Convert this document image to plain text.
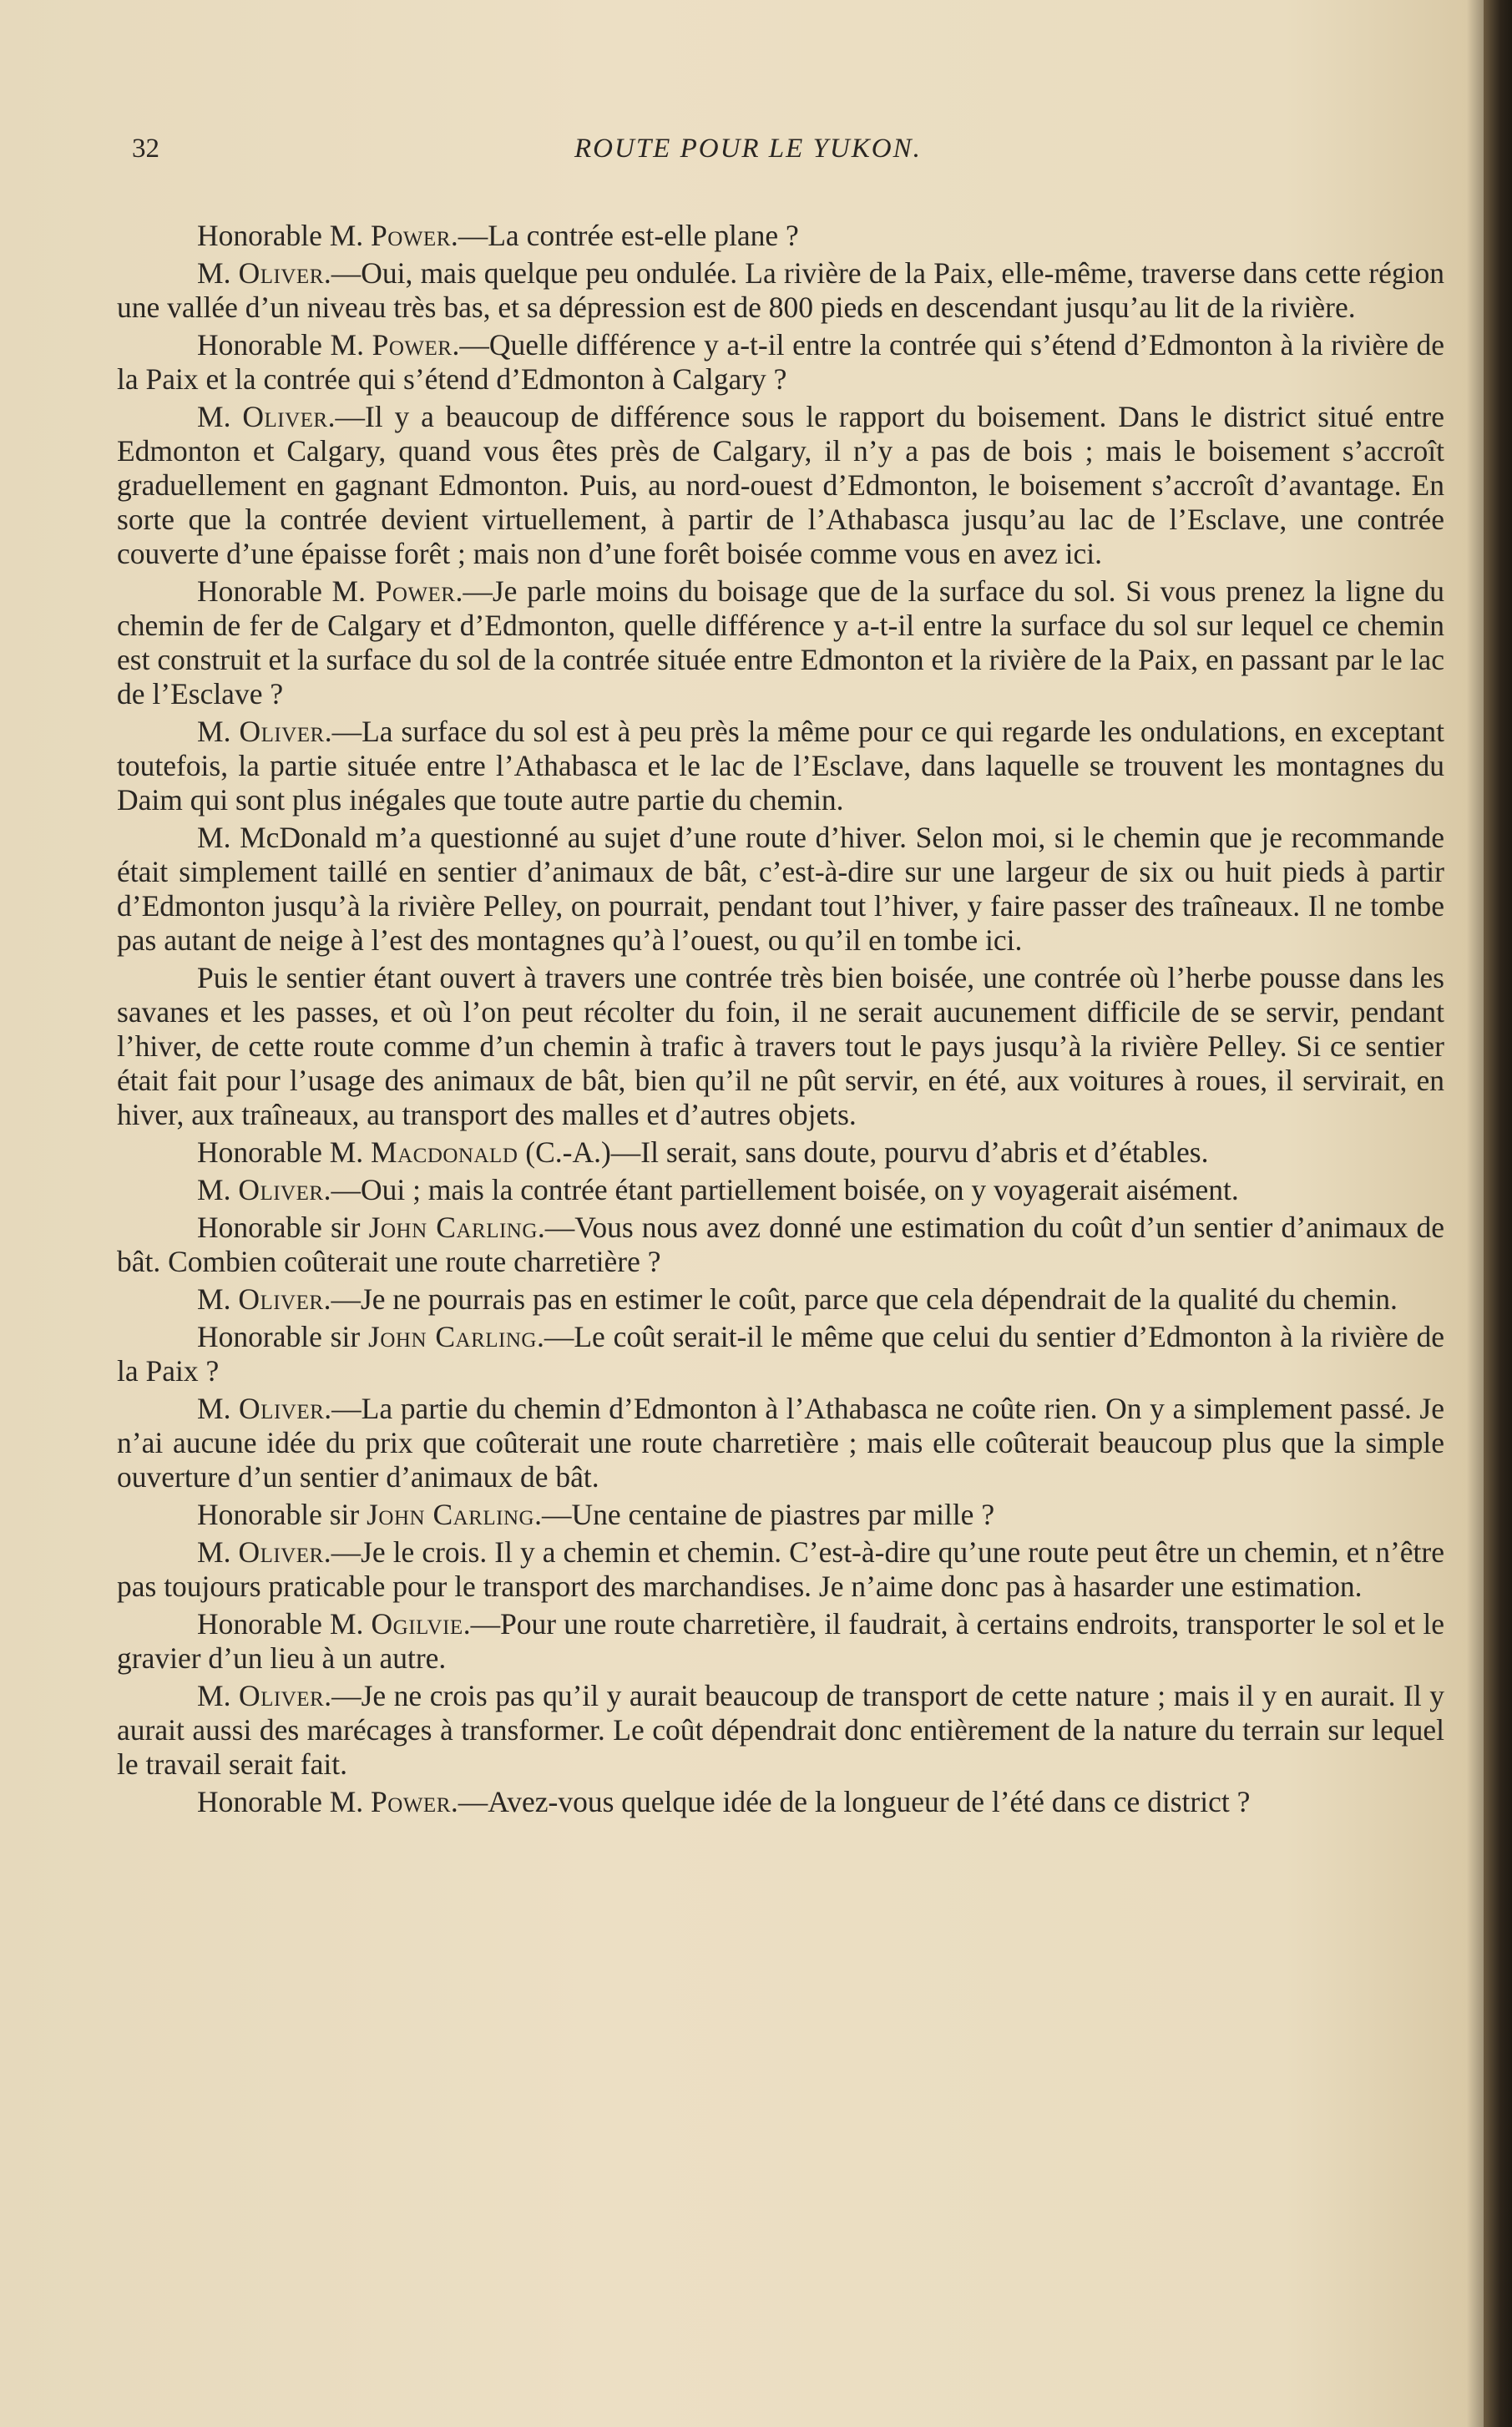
32	ROUTE POUR LE YUKON.

Honorable M. Power.—La contrée est-elle plane ?

M. Oliver.—Oui, mais quelque peu ondulée. La rivière de la Paix, elle-même, traverse dans cette région une vallée d’un niveau très bas, et sa dépression est de 800 pieds en descendant jusqu’au lit de la rivière.

Honorable M. Power.—Quelle différence y a-t-il entre la contrée qui s’étend d’Edmonton à la rivière de la Paix et la contrée qui s’étend d’Edmonton à Calgary ?

M. Oliver.—Il y a beaucoup de différence sous le rapport du boisement. Dans le district situé entre Edmonton et Calgary, quand vous êtes près de Calgary, il n’y a pas de bois ; mais le boisement s’accroît graduellement en gagnant Edmonton. Puis, au nord-ouest d’Edmonton, le boisement s’accroît d’avantage. En sorte que la contrée devient virtuellement, à partir de l’Athabasca jusqu’au lac de l’Esclave, une contrée couverte d’une épaisse forêt ; mais non d’une forêt boisée comme vous en avez ici.

Honorable M. Power.—Je parle moins du boisage que de la surface du sol. Si vous prenez la ligne du chemin de fer de Calgary et d’Edmonton, quelle différence y a-t-il entre la surface du sol sur lequel ce chemin est construit et la surface du sol de la contrée située entre Edmonton et la rivière de la Paix, en passant par le lac de l’Esclave ?

M. Oliver.—La surface du sol est à peu près la même pour ce qui regarde les ondulations, en exceptant toutefois, la partie située entre l’Athabasca et le lac de l’Esclave, dans laquelle se trouvent les montagnes du Daim qui sont plus inégales que toute autre partie du chemin.

M. McDonald m’a questionné au sujet d’une route d’hiver. Selon moi, si le chemin que je recommande était simplement taillé en sentier d’animaux de bât, c’est-à-dire sur une largeur de six ou huit pieds à partir d’Edmonton jusqu’à la rivière Pelley, on pourrait, pendant tout l’hiver, y faire passer des traîneaux. Il ne tombe pas autant de neige à l’est des montagnes qu’à l’ouest, ou qu’il en tombe ici.

Puis le sentier étant ouvert à travers une contrée très bien boisée, une contrée où l’herbe pousse dans les savanes et les passes, et où l’on peut récolter du foin, il ne serait aucunement difficile de se servir, pendant l’hiver, de cette route comme d’un chemin à trafic à travers tout le pays jusqu’à la rivière Pelley. Si ce sentier était fait pour l’usage des animaux de bât, bien qu’il ne pût servir, en été, aux voitures à roues, il servirait, en hiver, aux traîneaux, au transport des malles et d’autres objets.

Honorable M. Macdonald (C.-A.)—Il serait, sans doute, pourvu d’abris et d’étables.

M. Oliver.—Oui ; mais la contrée étant partiellement boisée, on y voyagerait aisément.

Honorable sir John Carling.—Vous nous avez donné une estimation du coût d’un sentier d’animaux de bât. Combien coûterait une route charretière ?

M. Oliver.—Je ne pourrais pas en estimer le coût, parce que cela dépendrait de la qualité du chemin.

Honorable sir John Carling.—Le coût serait-il le même que celui du sentier d’Edmonton à la rivière de la Paix ?

M. Oliver.—La partie du chemin d’Edmonton à l’Athabasca ne coûte rien. On y a simplement passé. Je n’ai aucune idée du prix que coûterait une route charretière ; mais elle coûterait beaucoup plus que la simple ouverture d’un sentier d’animaux de bât.

Honorable sir John Carling.—Une centaine de piastres par mille ?

M. Oliver.—Je le crois. Il y a chemin et chemin. C’est-à-dire qu’une route peut être un chemin, et n’être pas toujours praticable pour le transport des marchandises. Je n’aime donc pas à hasarder une estimation.

Honorable M. Ogilvie.—Pour une route charretière, il faudrait, à certains endroits, transporter le sol et le gravier d’un lieu à un autre.

M. Oliver.—Je ne crois pas qu’il y aurait beaucoup de transport de cette nature ; mais il y en aurait. Il y aurait aussi des marécages à transformer. Le coût dépendrait donc entièrement de la nature du terrain sur lequel le travail serait fait.

Honorable M. Power.—Avez-vous quelque idée de la longueur de l’été dans ce district ?
